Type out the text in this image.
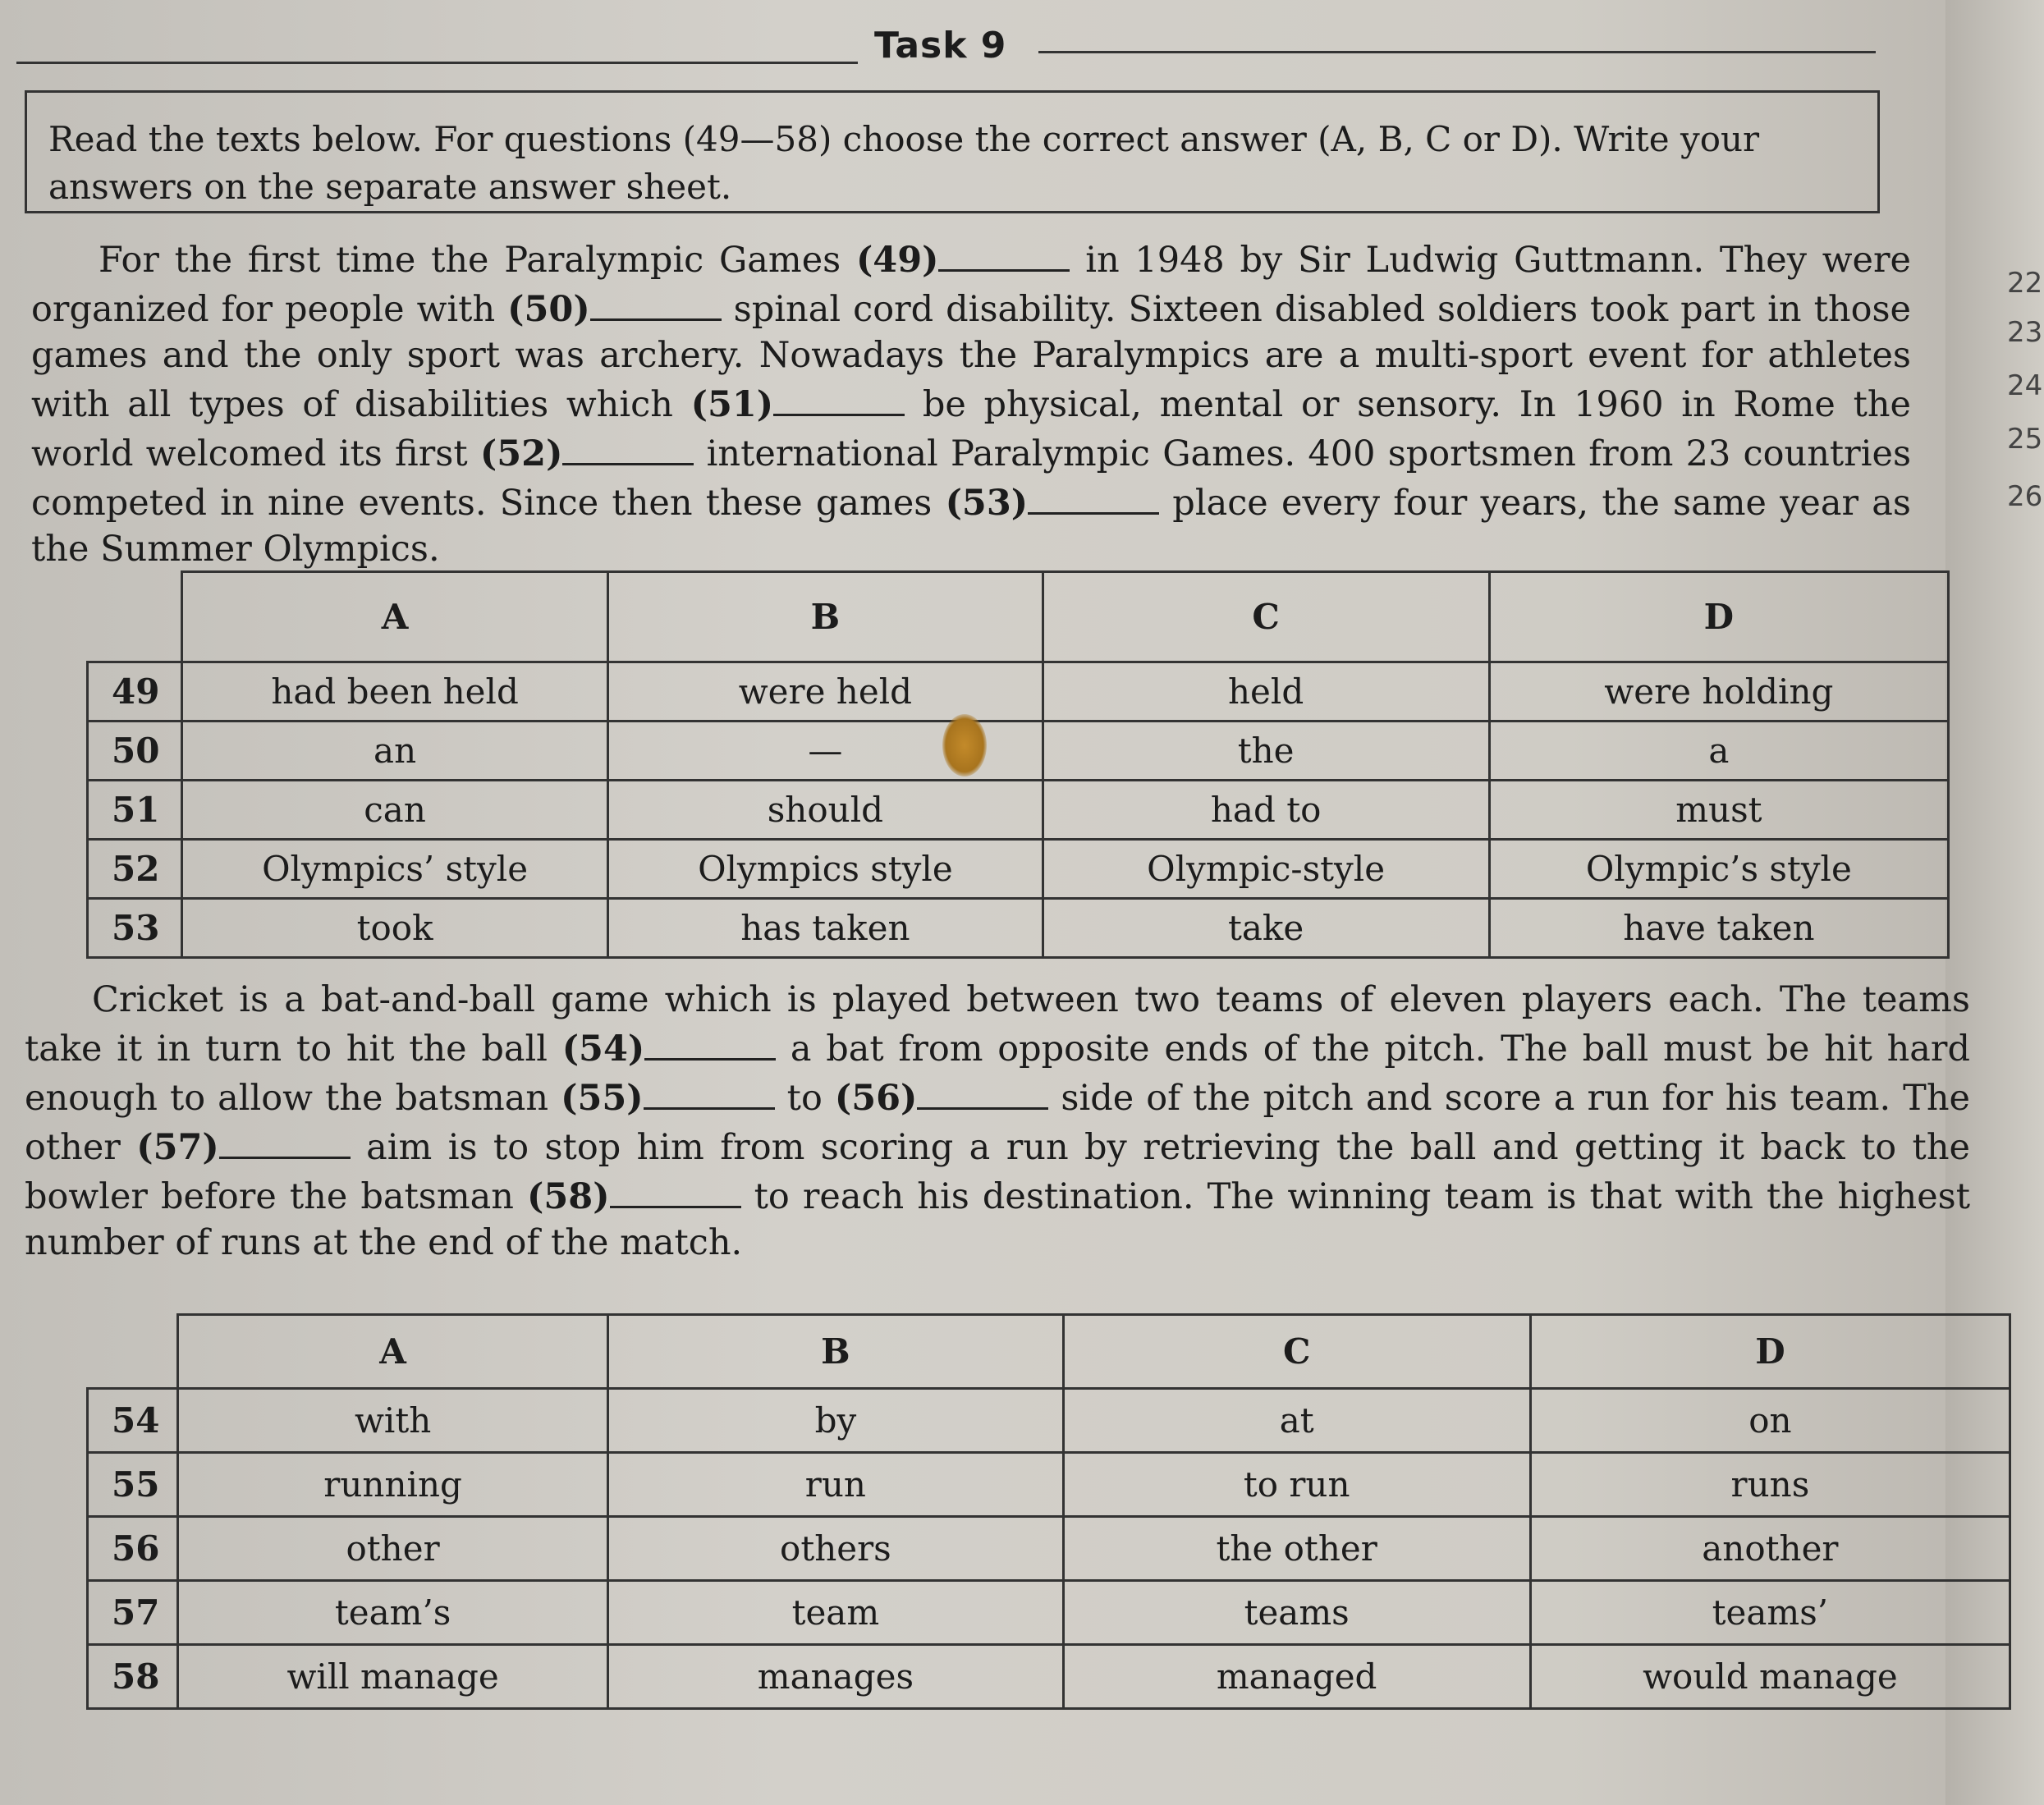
22
23
24
25
26
Task 9
Read the texts below. For questions (49—58) choose the correct answer (A, B, C or D). Write your answers on the separate answer sheet.

For the first time the Paralympic Games (49)	in 1948 by Sir Ludwig Guttmann. They were organized for people with (50)	spinal cord disability. Sixteen disabled soldiers took part in those games and the only sport was archery. Nowadays the Paralympics are a multi-sport event for athletes with all types of disabilities which (51)	be physical, mental or sensory. In 1960 in Rome the world welcomed its first (52)	international Paralympic Games. 400 sportsmen from 23 countries competed in nine events. Since then these games (53)	place every four years, the same year as the Summer Olympics.

	A	B	C	D
49	had been held	were held	held	were holding
50	an	—	the	a
51	can	should	had to	must
52	Olympics’ style	Olympics style	Olympic-style	Olympic’s style
53	took	has taken	take	have taken

Cricket is a bat-and-ball game which is played between two teams of eleven players each. The teams take it in turn to hit the ball (54)	a bat from opposite ends of the pitch. The ball must be hit hard enough to allow the batsman (55)	to (56)	side of the pitch and score a run for his team. The other (57)	aim is to stop him from scoring a run by retrieving the ball and getting it back to the bowler before the batsman (58)	to reach his destination. The winning team is that with the highest number of runs at the end of the match.

	A	B	C	D
54	with	by	at	on
55	running	run	to run	runs
56	other	others	the other	another
57	team’s	team	teams	teams’
58	will manage	manages	managed	would manage
